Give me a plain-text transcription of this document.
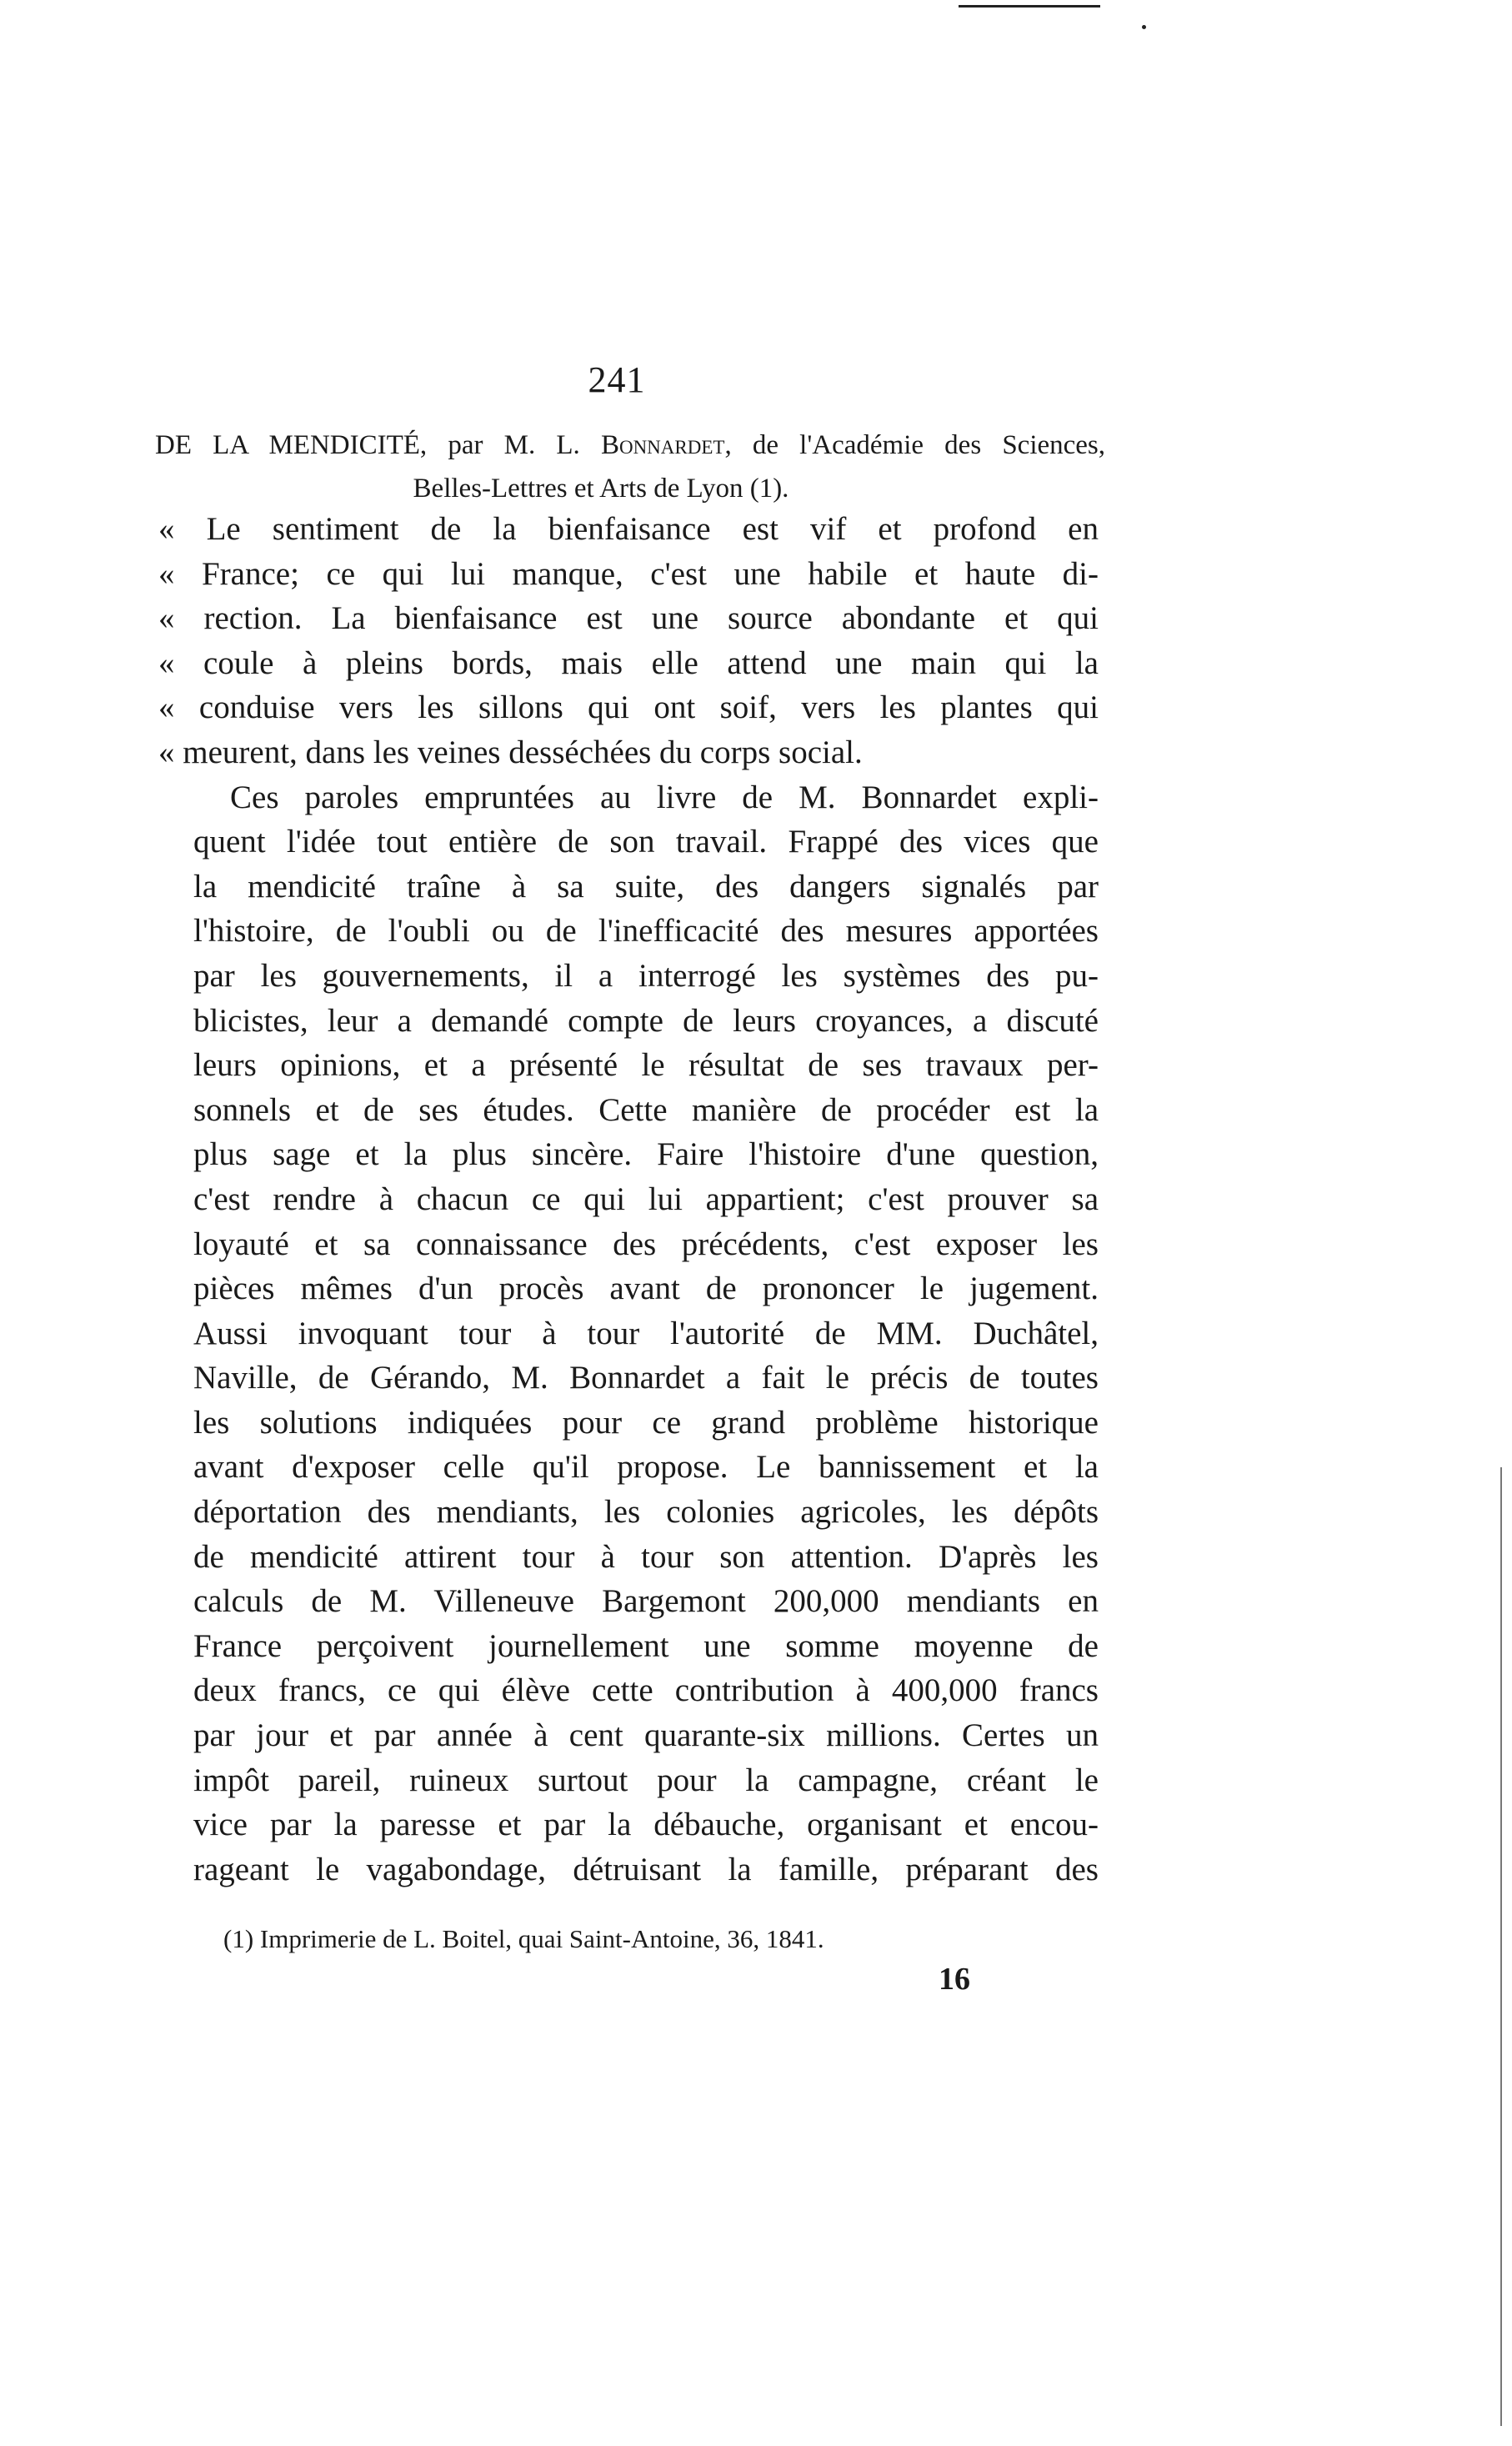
241
DE LA MENDICITÉ, par M. L. Bonnardet, de l'Académie des Sciences,
Belles-Lettres et Arts de Lyon (1).
« Le sentiment de la bienfaisance est vif et profond en
« France; ce qui lui manque, c'est une habile et haute di-
« rection. La bienfaisance est une source abondante et qui
« coule à pleins bords, mais elle attend une main qui la
« conduise vers les sillons qui ont soif, vers les plantes qui
« meurent, dans les veines desséchées du corps social.
Ces paroles empruntées au livre de M. Bonnardet expli-
quent l'idée tout entière de son travail. Frappé des vices que
la mendicité traîne à sa suite, des dangers signalés par
l'histoire, de l'oubli ou de l'inefficacité des mesures apportées
par les gouvernements, il a interrogé les systèmes des pu-
blicistes, leur a demandé compte de leurs croyances, a discuté
leurs opinions, et a présenté le résultat de ses travaux per-
sonnels et de ses études. Cette manière de procéder est la
plus sage et la plus sincère. Faire l'histoire d'une question,
c'est rendre à chacun ce qui lui appartient; c'est prouver sa
loyauté et sa connaissance des précédents, c'est exposer les
pièces mêmes d'un procès avant de prononcer le jugement.
Aussi invoquant tour à tour l'autorité de MM. Duchâtel,
Naville, de Gérando, M. Bonnardet a fait le précis de toutes
les solutions indiquées pour ce grand problème historique
avant d'exposer celle qu'il propose. Le bannissement et la
déportation des mendiants, les colonies agricoles, les dépôts
de mendicité attirent tour à tour son attention. D'après les
calculs de M. Villeneuve Bargemont 200,000 mendiants en
France perçoivent journellement une somme moyenne de
deux francs, ce qui élève cette contribution à 400,000 francs
par jour et par année à cent quarante-six millions. Certes un
impôt pareil, ruineux surtout pour la campagne, créant le
vice par la paresse et par la débauche, organisant et encou-
rageant le vagabondage, détruisant la famille, préparant des
(1) Imprimerie de L. Boitel, quai Saint-Antoine, 36, 1841.
16
